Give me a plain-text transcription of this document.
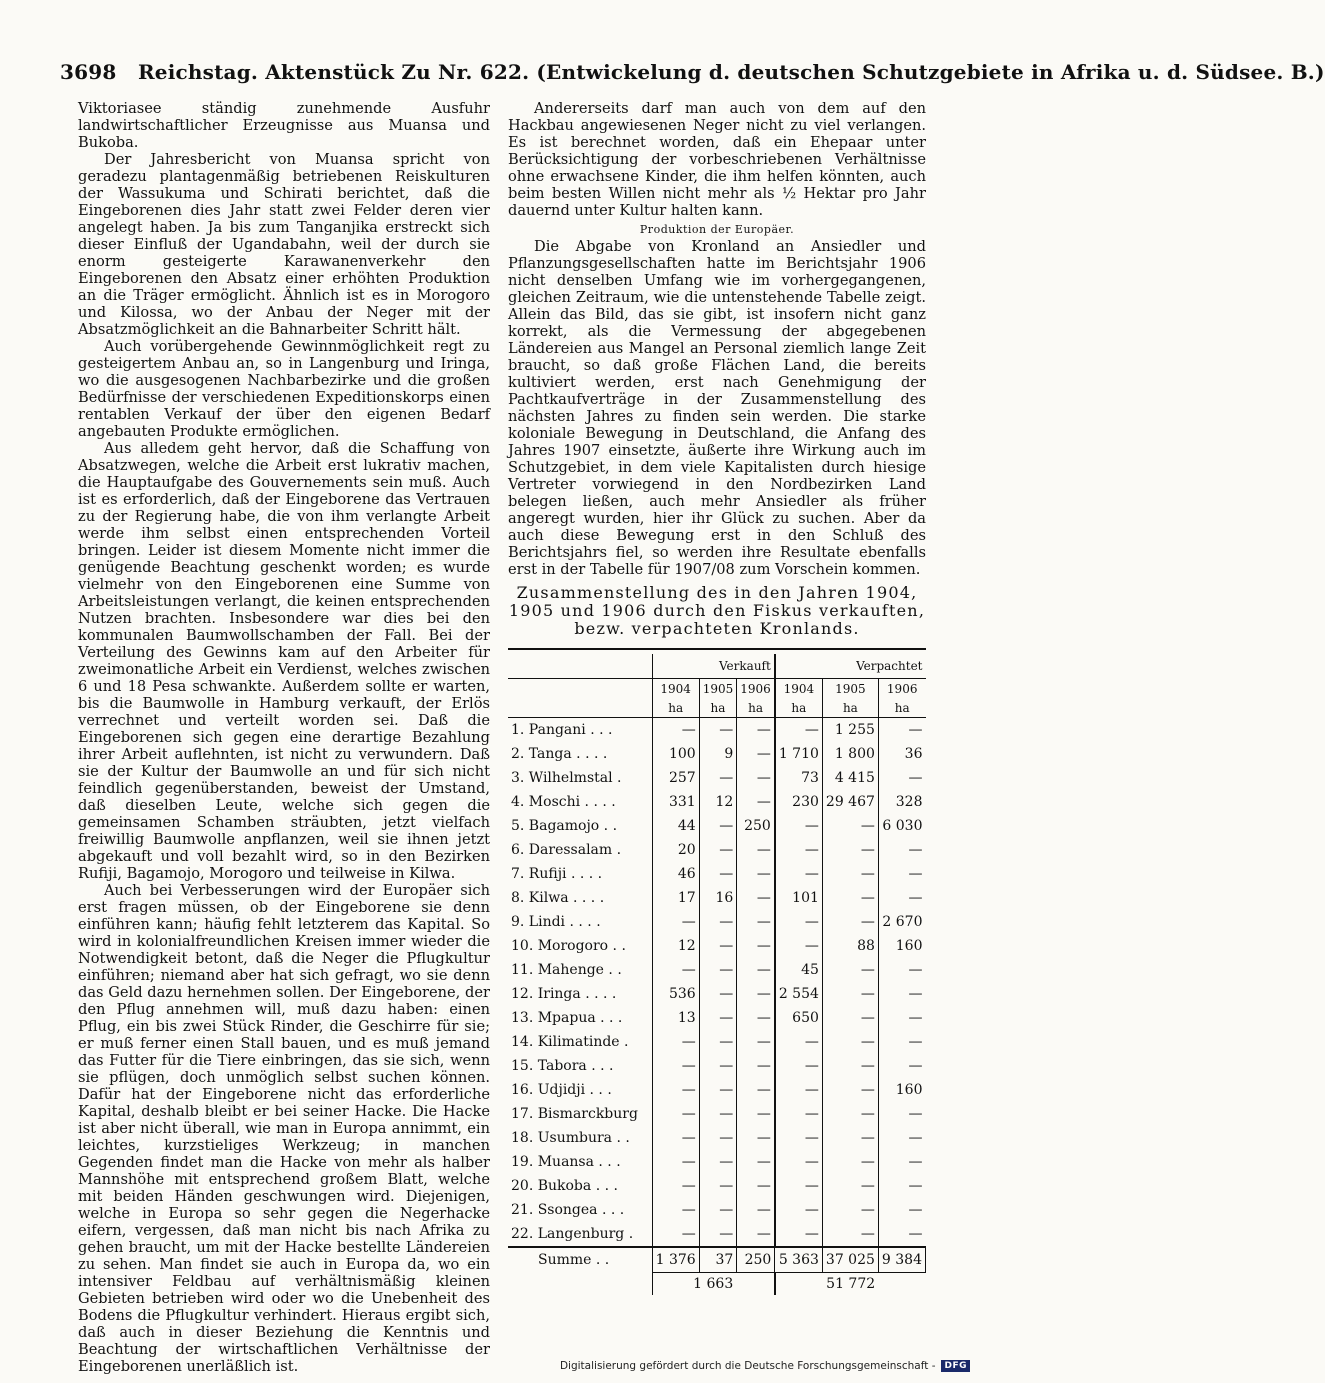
3698 Reichstag. Aktenstück Zu Nr. 622. (Entwickelung d. deutschen Schutzgebiete in Afrika u. d. Südsee. B.)

Viktoriasee ständig zunehmende Ausfuhr landwirtschaftlicher Erzeugnisse aus Muansa und Bukoba.

Der Jahresbericht von Muansa spricht von geradezu plantagenmäßig betriebenen Reiskulturen der Wassukuma und Schirati berichtet, daß die Eingeborenen dies Jahr statt zwei Felder deren vier angelegt haben. Ja bis zum Tanganjika erstreckt sich dieser Einfluß der Ugandabahn, weil der durch sie enorm gesteigerte Karawanenverkehr den Eingeborenen den Absatz einer erhöhten Produktion an die Träger ermöglicht. Ähnlich ist es in Morogoro und Kilossa, wo der Anbau der Neger mit der Absatzmöglichkeit an die Bahnarbeiter Schritt hält.

Auch vorübergehende Gewinnmöglichkeit regt zu gesteigertem Anbau an, so in Langenburg und Iringa, wo die ausgesogenen Nachbarbezirke und die großen Bedürfnisse der verschiedenen Expeditionskorps einen rentablen Verkauf der über den eigenen Bedarf angebauten Produkte ermöglichen.

Aus alledem geht hervor, daß die Schaffung von Absatzwegen, welche die Arbeit erst lukrativ machen, die Hauptaufgabe des Gouvernements sein muß. Auch ist es erforderlich, daß der Eingeborene das Vertrauen zu der Regierung habe, die von ihm verlangte Arbeit werde ihm selbst einen entsprechenden Vorteil bringen. Leider ist diesem Momente nicht immer die genügende Beachtung geschenkt worden; es wurde vielmehr von den Eingeborenen eine Summe von Arbeitsleistungen verlangt, die keinen entsprechenden Nutzen brachten. Insbesondere war dies bei den kommunalen Baumwollschamben der Fall. Bei der Verteilung des Gewinns kam auf den Arbeiter für zweimonatliche Arbeit ein Verdienst, welches zwischen 6 und 18 Pesa schwankte. Außerdem sollte er warten, bis die Baumwolle in Hamburg verkauft, der Erlös verrechnet und verteilt worden sei. Daß die Eingeborenen sich gegen eine derartige Bezahlung ihrer Arbeit auflehnten, ist nicht zu verwundern. Daß sie der Kultur der Baumwolle an und für sich nicht feindlich gegenüberstanden, beweist der Umstand, daß dieselben Leute, welche sich gegen die gemeinsamen Schamben sträubten, jetzt vielfach freiwillig Baumwolle anpflanzen, weil sie ihnen jetzt abgekauft und voll bezahlt wird, so in den Bezirken Rufiji, Bagamojo, Morogoro und teilweise in Kilwa.

Auch bei Verbesserungen wird der Europäer sich erst fragen müssen, ob der Eingeborene sie denn einführen kann; häufig fehlt letzterem das Kapital. So wird in kolonialfreundlichen Kreisen immer wieder die Notwendigkeit betont, daß die Neger die Pflugkultur einführen; niemand aber hat sich gefragt, wo sie denn das Geld dazu hernehmen sollen. Der Eingeborene, der den Pflug annehmen will, muß dazu haben: einen Pflug, ein bis zwei Stück Rinder, die Geschirre für sie; er muß ferner einen Stall bauen, und es muß jemand das Futter für die Tiere einbringen, das sie sich, wenn sie pflügen, doch unmöglich selbst suchen können. Dafür hat der Eingeborene nicht das erforderliche Kapital, deshalb bleibt er bei seiner Hacke. Die Hacke ist aber nicht überall, wie man in Europa annimmt, ein leichtes, kurzstieliges Werkzeug; in manchen Gegenden findet man die Hacke von mehr als halber Mannshöhe mit entsprechend großem Blatt, welche mit beiden Händen geschwungen wird. Diejenigen, welche in Europa so sehr gegen die Negerhacke eifern, vergessen, daß man nicht bis nach Afrika zu gehen braucht, um mit der Hacke bestellte Ländereien zu sehen. Man findet sie auch in Europa da, wo ein intensiver Feldbau auf verhältnismäßig kleinen Gebieten betrieben wird oder wo die Unebenheit des Bodens die Pflugkultur verhindert. Hieraus ergibt sich, daß auch in dieser Beziehung die Kenntnis und Beachtung der wirtschaftlichen Verhältnisse der Eingeborenen unerläßlich ist.

Andererseits darf man auch von dem auf den Hackbau angewiesenen Neger nicht zu viel verlangen. Es ist berechnet worden, daß ein Ehepaar unter Berücksichtigung der vorbeschriebenen Verhältnisse ohne erwachsene Kinder, die ihm helfen könnten, auch beim besten Willen nicht mehr als ½ Hektar pro Jahr dauernd unter Kultur halten kann.

Produktion der Europäer.

Die Abgabe von Kronland an Ansiedler und Pflanzungsgesellschaften hatte im Berichtsjahr 1906 nicht denselben Umfang wie im vorhergegangenen, gleichen Zeitraum, wie die untenstehende Tabelle zeigt. Allein das Bild, das sie gibt, ist insofern nicht ganz korrekt, als die Vermessung der abgegebenen Ländereien aus Mangel an Personal ziemlich lange Zeit braucht, so daß große Flächen Land, die bereits kultiviert werden, erst nach Genehmigung der Pachtkaufverträge in der Zusammenstellung des nächsten Jahres zu finden sein werden. Die starke koloniale Bewegung in Deutschland, die Anfang des Jahres 1907 einsetzte, äußerte ihre Wirkung auch im Schutzgebiet, in dem viele Kapitalisten durch hiesige Vertreter vorwiegend in den Nordbezirken Land belegen ließen, auch mehr Ansiedler als früher angeregt wurden, hier ihr Glück zu suchen. Aber da auch diese Bewegung erst in den Schluß des Berichtsjahrs fiel, so werden ihre Resultate ebenfalls erst in der Tabelle für 1907/08 zum Vorschein kommen.

Zusammenstellung des in den Jahren 1904, 1905 und 1906 durch den Fiskus verkauften, bezw. verpachteten Kronlands.

	Verkauft			Verpachtet		
	1904	1905	1906	1904	1905	1906
	ha	ha	ha	ha	ha	ha
1. Pangani . . .	—	—	—	—	1 255	—
2. Tanga . . . .	100	9	—	1 710	1 800	36
3. Wilhelmstal .	257	—	—	73	4 415	—
4. Moschi . . . .	331	12	—	230	29 467	328
5. Bagamojo . .	44	—	250	—	—	6 030
6. Daressalam .	20	—	—	—	—	—
7. Rufiji . . . .	46	—	—	—	—	—
8. Kilwa . . . .	17	16	—	101	—	—
9. Lindi . . . .	—	—	—	—	—	2 670
10. Morogoro . .	12	—	—	—	88	160
11. Mahenge . .	—	—	—	45	—	—
12. Iringa . . . .	536	—	—	2 554	—	—
13. Mpapua . . .	13	—	—	650	—	—
14. Kilimatinde .	—	—	—	—	—	—
15. Tabora . . .	—	—	—	—	—	—
16. Udjidji . . .	—	—	—	—	—	160
17. Bismarckburg	—	—	—	—	—	—
18. Usumbura . .	—	—	—	—	—	—
19. Muansa . . .	—	—	—	—	—	—
20. Bukoba . . .	—	—	—	—	—	—
21. Ssongea . . .	—	—	—	—	—	—
22. Langenburg .	—	—	—	—	—	—
Summe . .	1 376	37	250	5 363	37 025	9 384
	1 663			51 772		
Digitalisierung gefördert durch die Deutsche Forschungsgemeinschaft -	DFG
